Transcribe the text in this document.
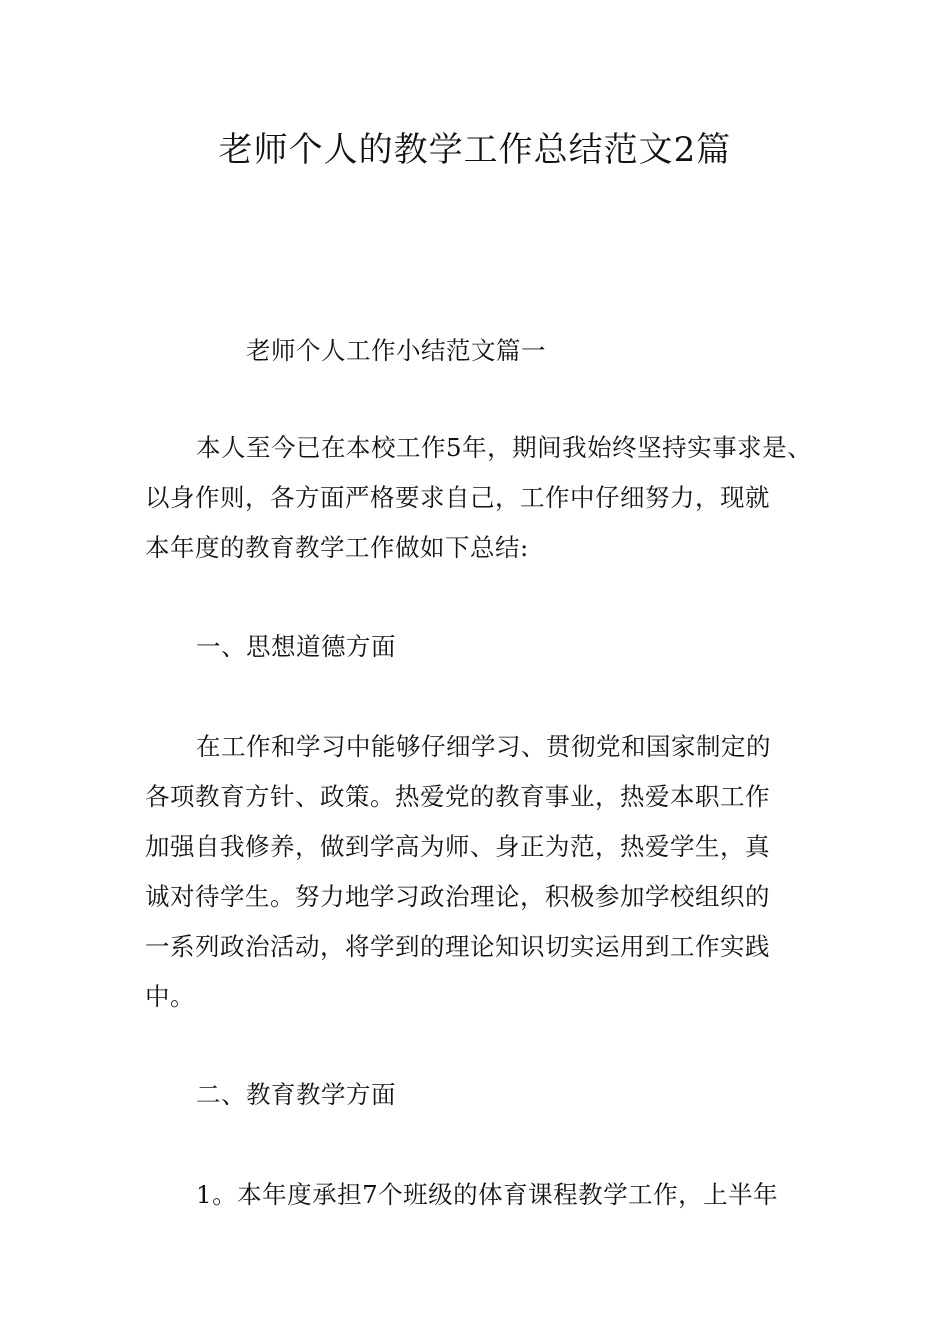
老师个人的教学工作总结范文2篇
老师个人工作小结范文篇一
本人至今已在本校工作5年，期间我始终坚持实事求是、
以身作则，各方面严格要求自己，工作中仔细努力，现就
本年度的教育教学工作做如下总结:
一、思想道德方面
在工作和学习中能够仔细学习、贯彻党和国家制定的
各项教育方针、政策。热爱党的教育事业，热爱本职工作
加强自我修养，做到学高为师、身正为范，热爱学生，真
诚对待学生。努力地学习政治理论，积极参加学校组织的
一系列政治活动，将学到的理论知识切实运用到工作实践
中。
二、教育教学方面
1。本年度承担7个班级的体育课程教学工作，上半年
